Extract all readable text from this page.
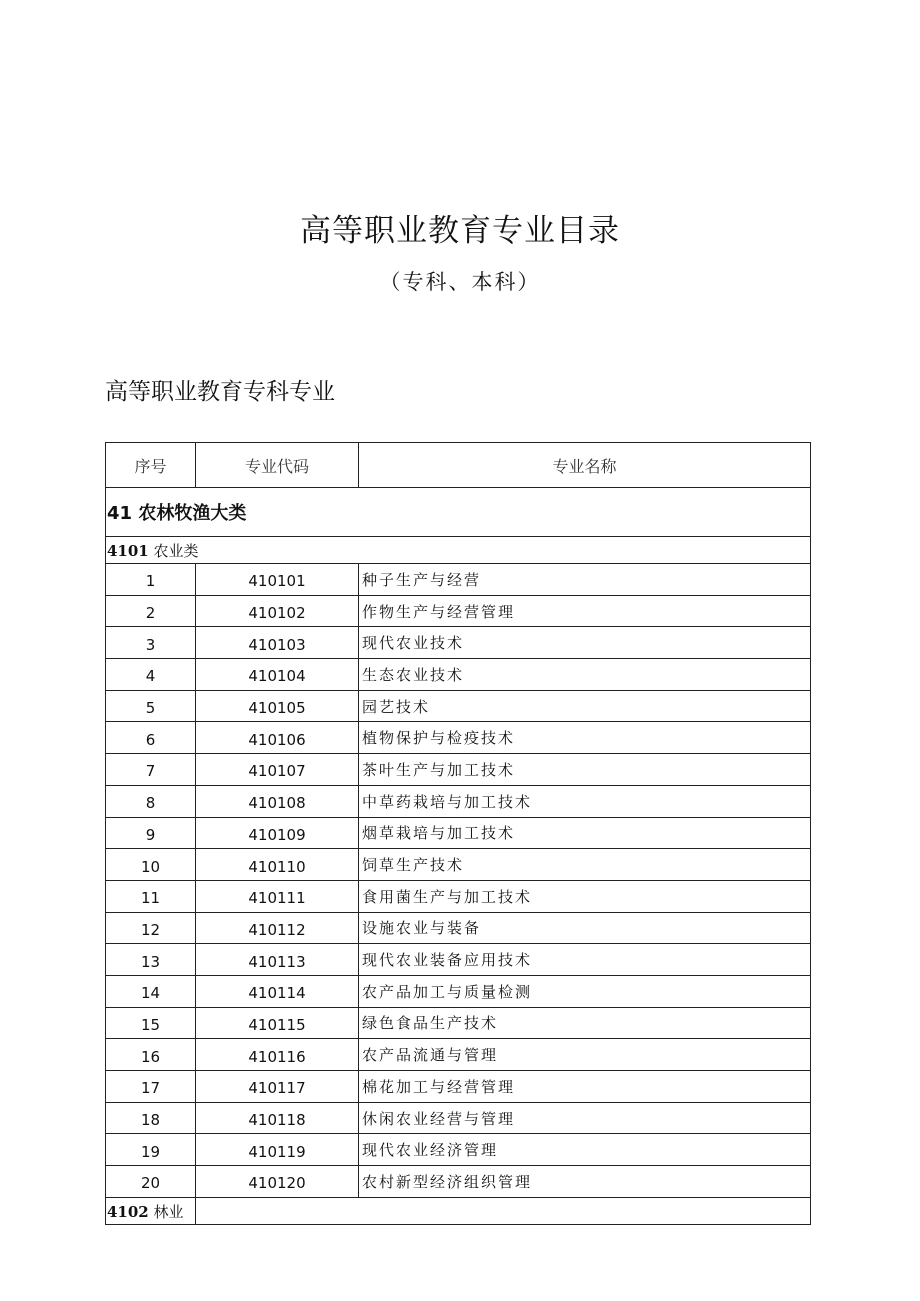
高等职业教育专业目录
（专科、本科）
高等职业教育专科专业
序号	专业代码	专业名称
41 农林牧渔大类		
4101 农业类		
1	410101	种子生产与经营
2	410102	作物生产与经营管理
3	410103	现代农业技术
4	410104	生态农业技术
5	410105	园艺技术
6	410106	植物保护与检疫技术
7	410107	茶叶生产与加工技术
8	410108	中草药栽培与加工技术
9	410109	烟草栽培与加工技术
10	410110	饲草生产技术
11	410111	食用菌生产与加工技术
12	410112	设施农业与装备
13	410113	现代农业装备应用技术
14	410114	农产品加工与质量检测
15	410115	绿色食品生产技术
16	410116	农产品流通与管理
17	410117	棉花加工与经营管理
18	410118	休闲农业经营与管理
19	410119	现代农业经济管理
20	410120	农村新型经济组织管理
4102 林业		
